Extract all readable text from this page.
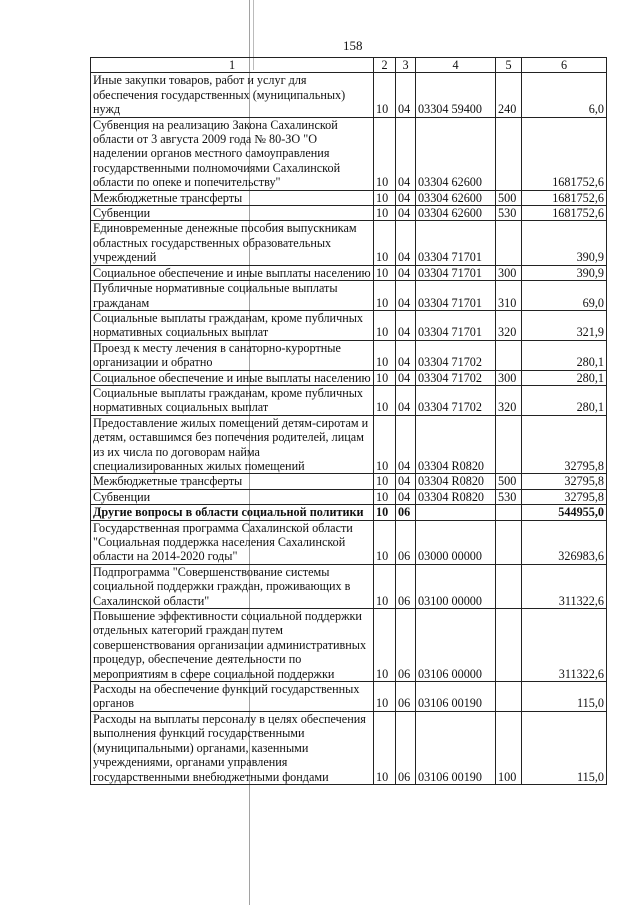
158
1	2	3	4	5	6
Иные закупки товаров, работ и услуг для обеспечения государственных (муниципальных) нужд	10	04	03304 59400	240	6,0
Субвенция на реализацию Закона Сахалинской области от 3 августа 2009 года № 80-ЗО "О наделении органов местного самоуправления государственными полномочиями Сахалинской области по опеке и попечительству"	10	04	03304 62600		1681752,6
Межбюджетные трансферты	10	04	03304 62600	500	1681752,6
Субвенции	10	04	03304 62600	530	1681752,6
Единовременные денежные пособия выпускникам областных государственных образовательных учреждений	10	04	03304 71701		390,9
Социальное обеспечение и иные выплаты населению	10	04	03304 71701	300	390,9
Публичные нормативные социальные выплаты гражданам	10	04	03304 71701	310	69,0
Социальные выплаты гражданам, кроме публичных нормативных социальных выплат	10	04	03304 71701	320	321,9
Проезд к месту лечения в санаторно-курортные организации и обратно	10	04	03304 71702		280,1
Социальное обеспечение и иные выплаты населению	10	04	03304 71702	300	280,1
Социальные выплаты гражданам, кроме публичных нормативных социальных выплат	10	04	03304 71702	320	280,1
Предоставление жилых помещений детям-сиротам и детям, оставшимся без попечения родителей, лицам из их числа по договорам найма специализированных жилых помещений	10	04	03304 R0820		32795,8
Межбюджетные трансферты	10	04	03304 R0820	500	32795,8
Субвенции	10	04	03304 R0820	530	32795,8
Другие вопросы в области социальной политики	10	06			544955,0
Государственная программа Сахалинской области "Социальная поддержка населения Сахалинской области на 2014-2020 годы"	10	06	03000 00000		326983,6
Подпрограмма "Совершенствование системы социальной поддержки граждан, проживающих в Сахалинской области"	10	06	03100 00000		311322,6
Повышение эффективности социальной поддержки отдельных категорий граждан путем совершенствования организации административных процедур, обеспечение деятельности по мероприятиям в сфере социальной поддержки	10	06	03106 00000		311322,6
Расходы на обеспечение функций государственных органов	10	06	03106 00190		115,0
Расходы на выплаты персоналу в целях обеспечения выполнения функций государственными (муниципальными) органами, казенными учреждениями, органами управления государственными внебюджетными фондами	10	06	03106 00190	100	115,0
